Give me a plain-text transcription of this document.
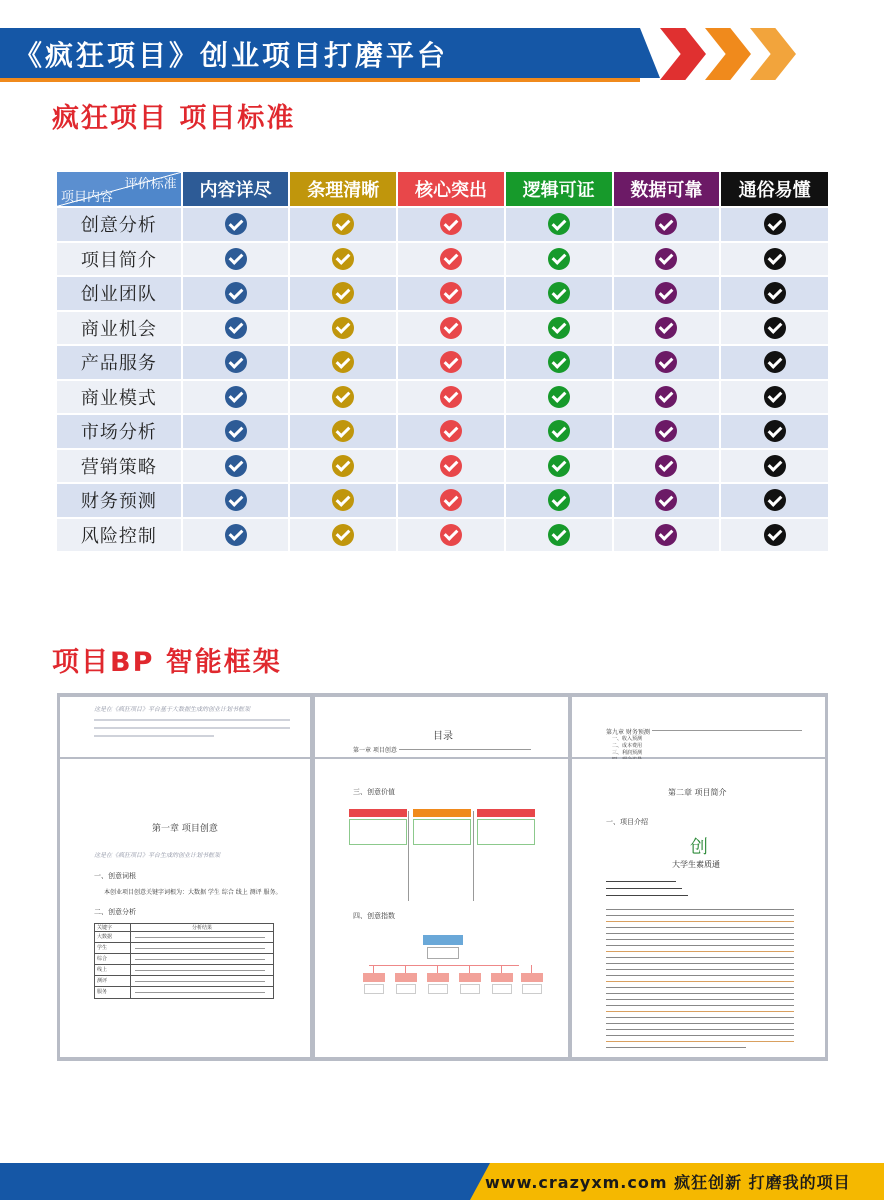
《疯狂项目》创业项目打磨平台
疯狂项目 项目标准
评价标准
项目内容	内容详尽	条理清晰	核心突出	逻辑可证	数据可靠	通俗易懂
创意分析
项目简介
创业团队
商业机会
产品服务
商业模式
市场分析
营销策略
财务预测
风险控制
项目BP 智能框架
这是在《疯狂项目》平台基于大数据生成的创业计划书框架
目录
第一章 项目创意
第九章 财务预测
一、收入预测
二、成本费用
三、利润预测
第一章 项目创意
这是在《疯狂项目》平台生成的创业计划书框架
一、创意词根
本创业项目创意关键字词根为：大数据 学生 综合 线上 测评 服务。
二、创意分析
关键字	分析结果
大数据
学生
综合
线上
测评
服务
三、创意价值
四、创意指数
第二章 项目简介
一、项目介绍
创
大学生素质通
www.crazyxm.com 疯狂创新 打磨我的项目
